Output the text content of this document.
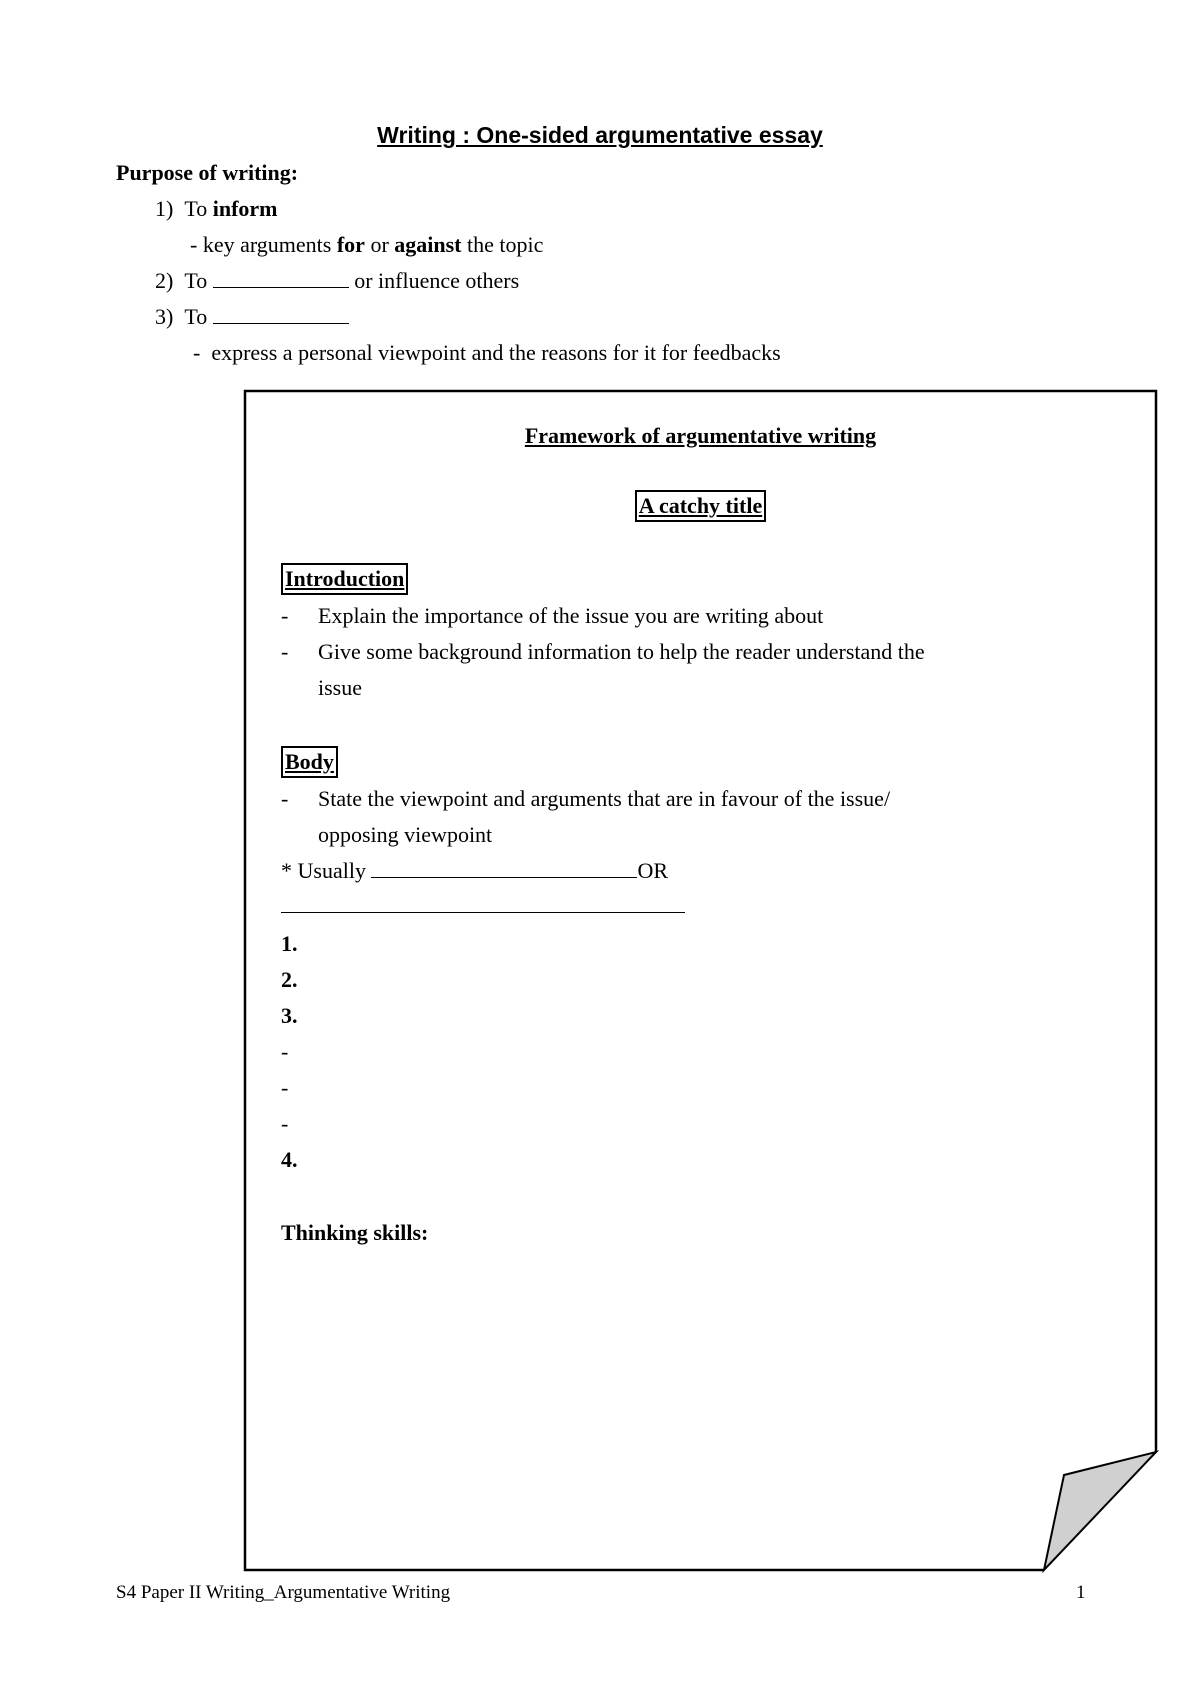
Writing : One-sided argumentative essay
Purpose of writing:
1) To inform
- key arguments for or against the topic
2) To	or influence others
3) To
- express a personal viewpoint and the reasons for it for feedbacks
Framework of argumentative writing
A catchy title
Introduction
- Explain the importance of the issue you are writing about
- Give some background information to help the reader understand the
issue
Body
- State the viewpoint and arguments that are in favour of the issue/
opposing viewpoint
* Usually	OR
1.
2.
3.
-
-
-
4.
Thinking skills:
S4 Paper II Writing_Argumentative Writing	1
